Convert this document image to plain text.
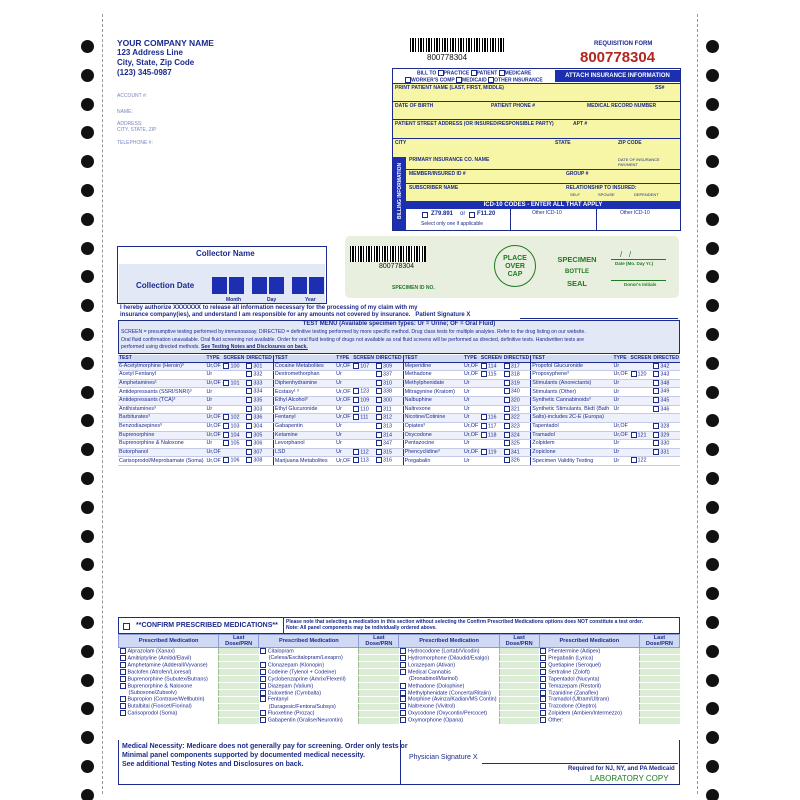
YOUR COMPANY NAME
123 Address Line
City, State, Zip Code
(123) 345-0987
ACCOUNT #:
NAME:
ADDRESS:
CITY, STATE, ZIP
TELEPHONE #:
800778304
REQUISITION FORM
800778304
BILL TO PRACTICE PATIENT MEDICARE
WORKER'S COMP MEDICAID OTHER INSURANCE
ATTACH INSURANCE INFORMATION
PRINT PATIENT NAME (LAST, FIRST, MIDDLE)	SS#
DATE OF BIRTH	PATIENT PHONE #	MEDICAL RECORD NUMBER
PATIENT STREET ADDRESS (OR INSURED/RESPONSIBLE PARTY)	APT #
CITY	STATE	ZIP CODE
BILLING INFORMATION
PRIMARY INSURANCE CO. NAME	DATE OF INSURANCE PAY/MENT
MEMBER/INSURED ID #	GROUP #
SUBSCRIBER NAME	RELATIONSHIP TO INSURED:
SELF	SPOUSE	DEPENDENT
ICD-10 CODES - ENTER ALL THAT APPLY
Z79.891 or F11.20
Select only one if applicable
Other ICD-10	Other ICD-10
Collector Name
Collection Date
Month	Day	Year
800778304
SPECIMEN ID NO.
PLACE
OVER
CAP
SPECIMEN
BOTTLE
SEAL
/   /
Date (Mo. Day Yr.)
Donor's Initials
I hereby authorize XXXXXXX to release all information necessary for the processing of my claim with my
insurance company(ies), and understand I am responsible for any amounts not covered by insurance. Patient Signature X
TEST MENU (Available specimen types: Ur = Urine; OF = Oral Fluid)
SCREEN = presumptive testing performed by immunoassay. DIRECTED = definitive testing performed by more specific method. Drug class tests for multiple analytes. Refer to the drug listing on our website.
Oral fluid confirmation unavailable. Oral fluid screening not available. Order for oral fluid testing of drugs not available as oral fluid screens will be performed as directed, definitive tests. Handwritten tests are
performed using directed methods. See Testing Notes and Disclosures on back.
TEST	TYPE	SCREEN	DIRECTED	TEST	TYPE	SCREEN	DIRECTED	TEST	TYPE	SCREEN	DIRECTED	TEST	TYPE	SCREEN	DIRECTED
6-Acetylmorphine (Heroin)³	Ur,OF	100	301	Cocaine Metabolites	Ur,OF	107	309	Meperidine	Ur,OF	114	317	Propofol Glucuronide	Ur		342
Acetyl Fentanyl	Ur		332	Dextromethorphan	Ur		337	Methadone	Ur,OF	115	318	Propoxyphene³	Ur,OF	120	343
Amphetamines¹	Ur,OF	101	333	Diphenhydramine	Ur		310	Methylphenidate	Ur		319	Stimulants (Anorectants)	Ur		348
Antidepressants (SSRI/SNRI)³	Ur		334	Ecstasy¹ ³	Ur,OF	123	338	Mitragynine (Kratom)	Ur		340	Stimulants (Other)	Ur		349
Antidepressants (TCA)³	Ur		335	Ethyl Alcohol³	Ur,OF	109	300	Nalbuphine	Ur		320	Synthetic Cannabinoids³	Ur		345
Antihistamines³	Ur		303	Ethyl Glucuronide	Ur	110	311	Naltrexone	Ur		321	Synthetic Stimulants, Bkdt (Bath	Ur		346
Barbiturates³	Ur,OF	102	336	Fentanyl	Ur,OF	111	312	Nicotine/Cotinine	Ur	116	322	Salts)-includes 2C-E (Europa)			
Benzodiazepines³	Ur,OF	103	304	Gabapentin	Ur		313	Opiates³	Ur,OF	117	323	Tapentadol	Ur,OF		328
Buprenorphine	Ur,OF	104	305	Ketamine	Ur		314	Oxycodone	Ur,OF	118	324	Tramadol	Ur,OF	121	329
Buprenorphine & Naloxone	Ur	105	306	Levorphanol	Ur		347	Pentazocine	Ur		325	Zolpidem	Ur		330
Butorphanol	Ur,OF		307	LSD	Ur	112	315	Phencyclidine³	Ur,OF	119	341	Zopiclone	Ur		331
Carisoprodol/Meprobamate (Soma)	Ur,OF	106	308	Marijuana Metabolites	Ur,OF	113	316	Pregabalin	Ur		326	Specimen Validity Testing	Ur	122	
**CONFIRM PRESCRIBED MEDICATIONS** Please note that selecting a medication in this section without selecting the Confirm Prescribed Medications options does NOT constitute a test order.
Note: All panel components may be individually ordered above.
Prescribed Medication	Last Dose/PRN	Prescribed Medication	Last Dose/PRN	Prescribed Medication	Last Dose/PRN	Prescribed Medication	Last Dose/PRN
Alprazolam (Xanax)		Citalopram		Hydrocodone (Lortab/Vicodin)		Phentermine (Adipex)	
Amitriptyline (Amitid/Elavil)		(Celexa/Escitalopram/Lexapro)		Hydromorphone (Dilaudid/Exalgo)		Pregabalin (Lyrica)	
Amphetamine (Adderall/Vyvanse)		Clonazepam (Klonopin)		Lorazepam (Ativan)		Quetiapine (Seroquel)	
Baclofen (Atrofen/Lioresal)		Codeine (Tylenol + Codeine)		Medical Cannabis		Sertraline (Zoloft)	
Buprenorphine (Subutex/Butrans)		Cyclobenzaprine (Amrix/Flexeril)		(Dronabinol/Marinol)		Tapentadol (Nucynta)	
Buprenorphine & Naloxone		Diazepam (Valium)		Methadone (Dolophine)		Temazepam (Restoril)	
(Suboxone/Zubsolv)		Duloxetine (Cymbalta)		Methylphenidate (Concerta/Ritalin)		Tizanidine (Zanaflex)	
Bupropion (Contrave/Wellbutrin)		Fentanyl		Morphine (Avinza/Kadian/MS Contin)		Tramadol (Ultram/Ultram)	
Butalbital (Fioricet/Fiorinal)		(Duragesic/Fentora/Subsys)		Naltrexone (Vivitrol)		Trazodone (Oleptro)	
Carisoprodol (Soma)		Fluoxetine (Prozac)		Oxycodone (Oxycontin/Percocet)		Zolpidem (Ambien/Intermezzo)	
		Gabapentin (Gralise/Neurontin)		Oxymorphone (Opana)		Other:	
Medical Necessity: Medicare does not generally pay for screening. Order only tests or
Minimal panel components supported by documented medical necessity.
See additional Testing Notes and Disclosures on back.
Physician Signature X
Required for NJ, NY, and PA Medicaid
LABORATORY COPY
